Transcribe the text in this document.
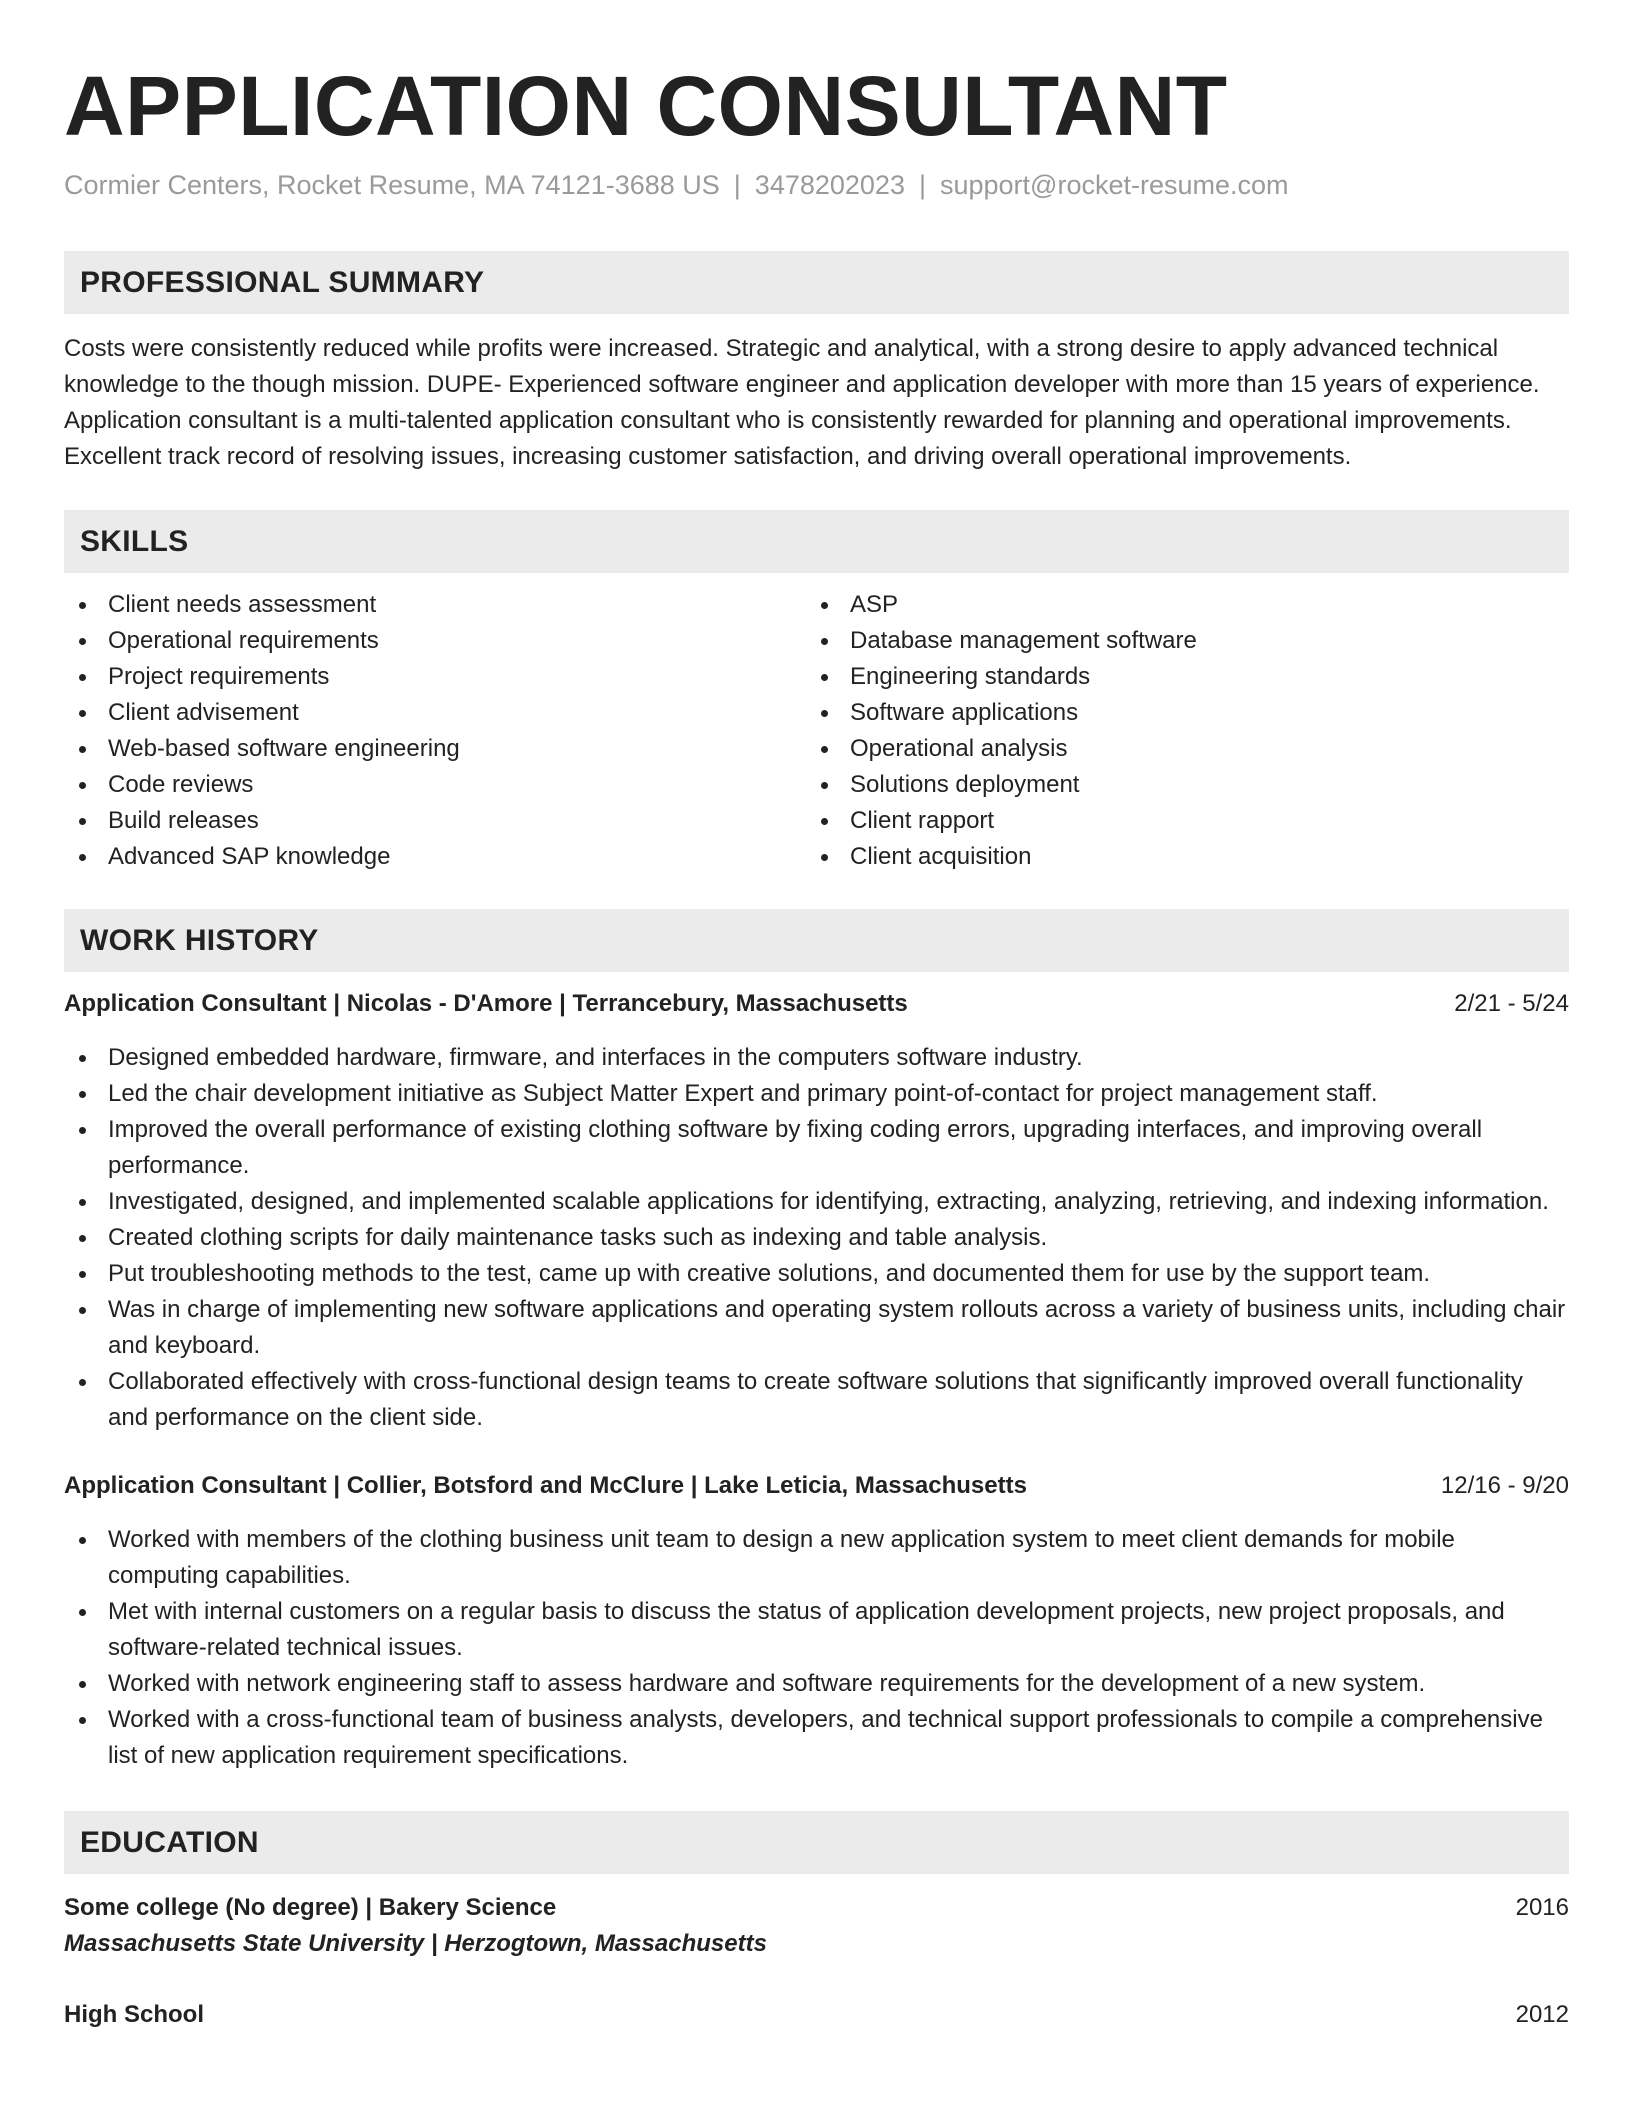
APPLICATION CONSULTANT
Cormier Centers, Rocket Resume, MA 74121-3688 US | 3478202023 | support@rocket-resume.com
PROFESSIONAL SUMMARY
Costs were consistently reduced while profits were increased. Strategic and analytical, with a strong desire to apply advanced technical knowledge to the though mission. DUPE- Experienced software engineer and application developer with more than 15 years of experience. Application consultant is a multi-talented application consultant who is consistently rewarded for planning and operational improvements. Excellent track record of resolving issues, increasing customer satisfaction, and driving overall operational improvements.
SKILLS
Client needs assessment
Operational requirements
Project requirements
Client advisement
Web-based software engineering
Code reviews
Build releases
Advanced SAP knowledge
ASP
Database management software
Engineering standards
Software applications
Operational analysis
Solutions deployment
Client rapport
Client acquisition
WORK HISTORY
Application Consultant | Nicolas - D'Amore | Terrancebury, Massachusetts	2/21 - 5/24
Designed embedded hardware, firmware, and interfaces in the computers software industry.
Led the chair development initiative as Subject Matter Expert and primary point-of-contact for project management staff.
Improved the overall performance of existing clothing software by fixing coding errors, upgrading interfaces, and improving overall performance.
Investigated, designed, and implemented scalable applications for identifying, extracting, analyzing, retrieving, and indexing information.
Created clothing scripts for daily maintenance tasks such as indexing and table analysis.
Put troubleshooting methods to the test, came up with creative solutions, and documented them for use by the support team.
Was in charge of implementing new software applications and operating system rollouts across a variety of business units, including chair and keyboard.
Collaborated effectively with cross-functional design teams to create software solutions that significantly improved overall functionality and performance on the client side.
Application Consultant | Collier, Botsford and McClure | Lake Leticia, Massachusetts	12/16 - 9/20
Worked with members of the clothing business unit team to design a new application system to meet client demands for mobile computing capabilities.
Met with internal customers on a regular basis to discuss the status of application development projects, new project proposals, and software-related technical issues.
Worked with network engineering staff to assess hardware and software requirements for the development of a new system.
Worked with a cross-functional team of business analysts, developers, and technical support professionals to compile a comprehensive list of new application requirement specifications.
EDUCATION
Some college (No degree) | Bakery Science	2016
Massachusetts State University | Herzogtown, Massachusetts
High School	2012
